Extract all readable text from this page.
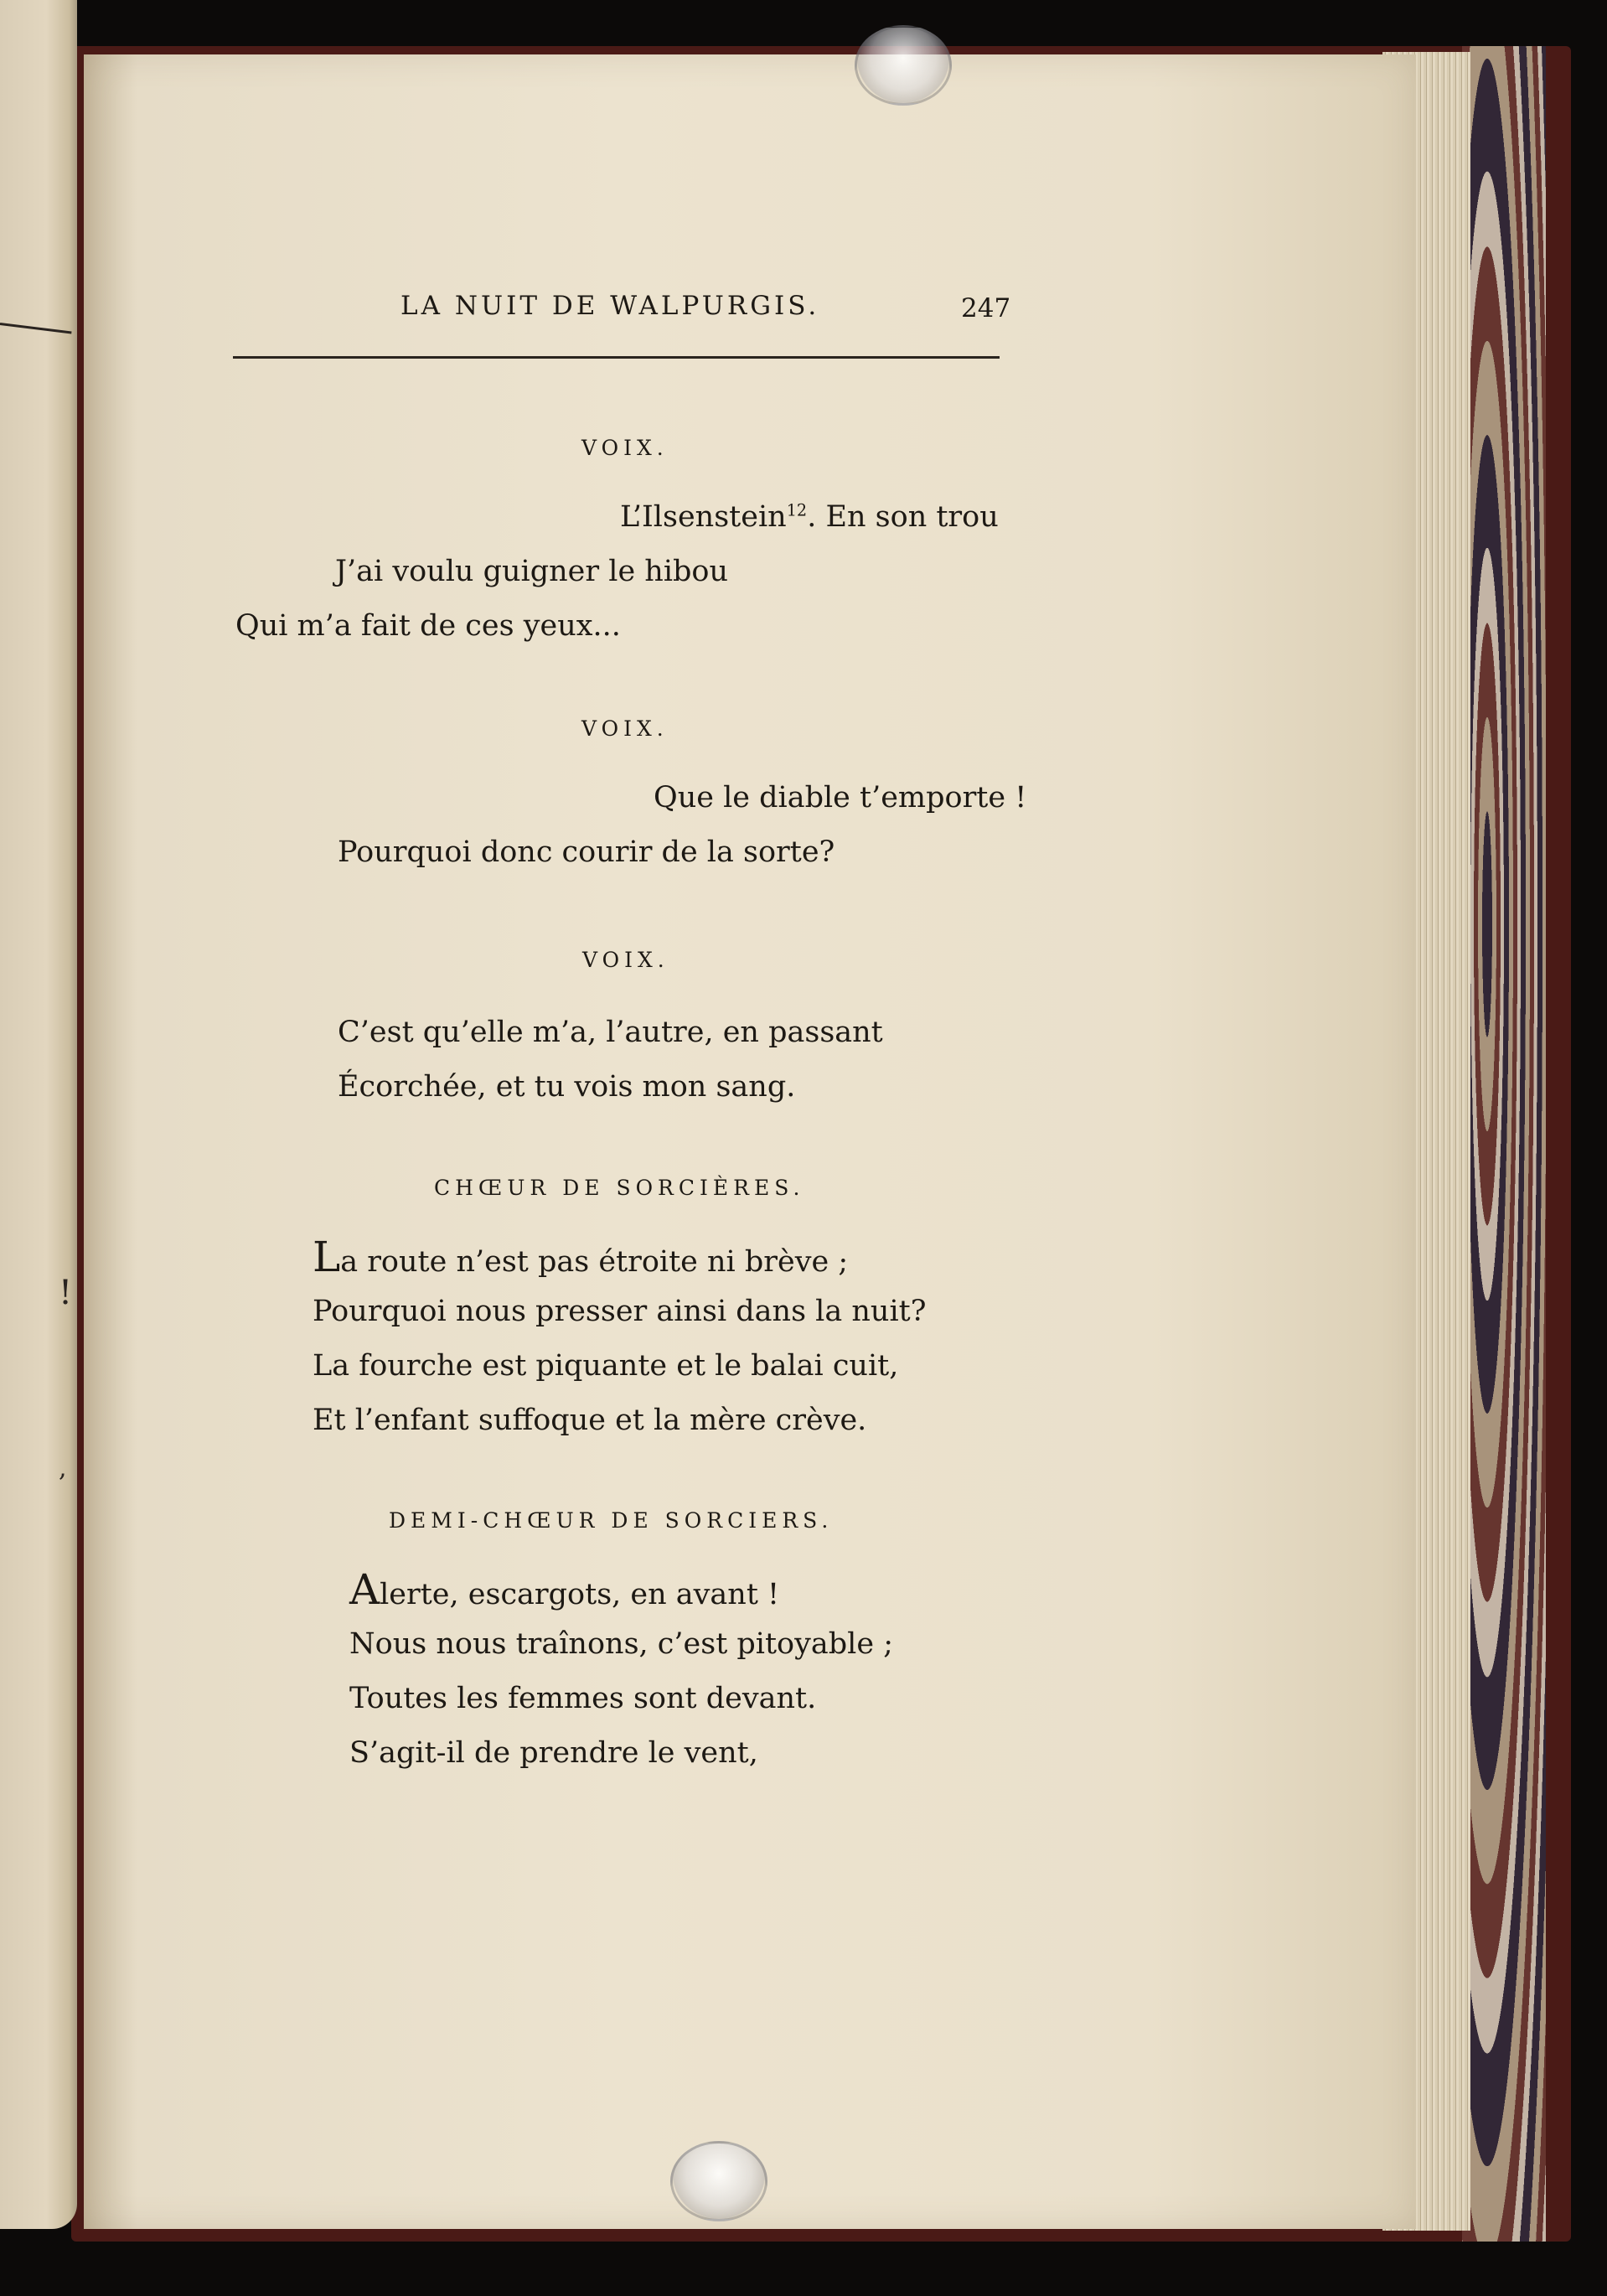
!
,
LA NUIT DE WALPURGIS.	247
VOIX.
L’Ilsenstein$^{12}$. En son trou
J’ai voulu guigner le hibou
Qui m’a fait de ces yeux...
VOIX.
Que le diable t’emporte !
Pourquoi donc courir de la sorte?
VOIX.
C’est qu’elle m’a, l’autre, en passant
Écorchée, et tu vois mon sang.
CHŒUR DE SORCIÈRES.
La route n’est pas étroite ni brève ;
Pourquoi nous presser ainsi dans la nuit?
La fourche est piquante et le balai cuit,
Et l’enfant suffoque et la mère crève.
DEMI-CHŒUR DE SORCIERS.
Alerte, escargots, en avant !
Nous nous traînons, c’est pitoyable ;
Toutes les femmes sont devant.
S’agit-il de prendre le vent,
